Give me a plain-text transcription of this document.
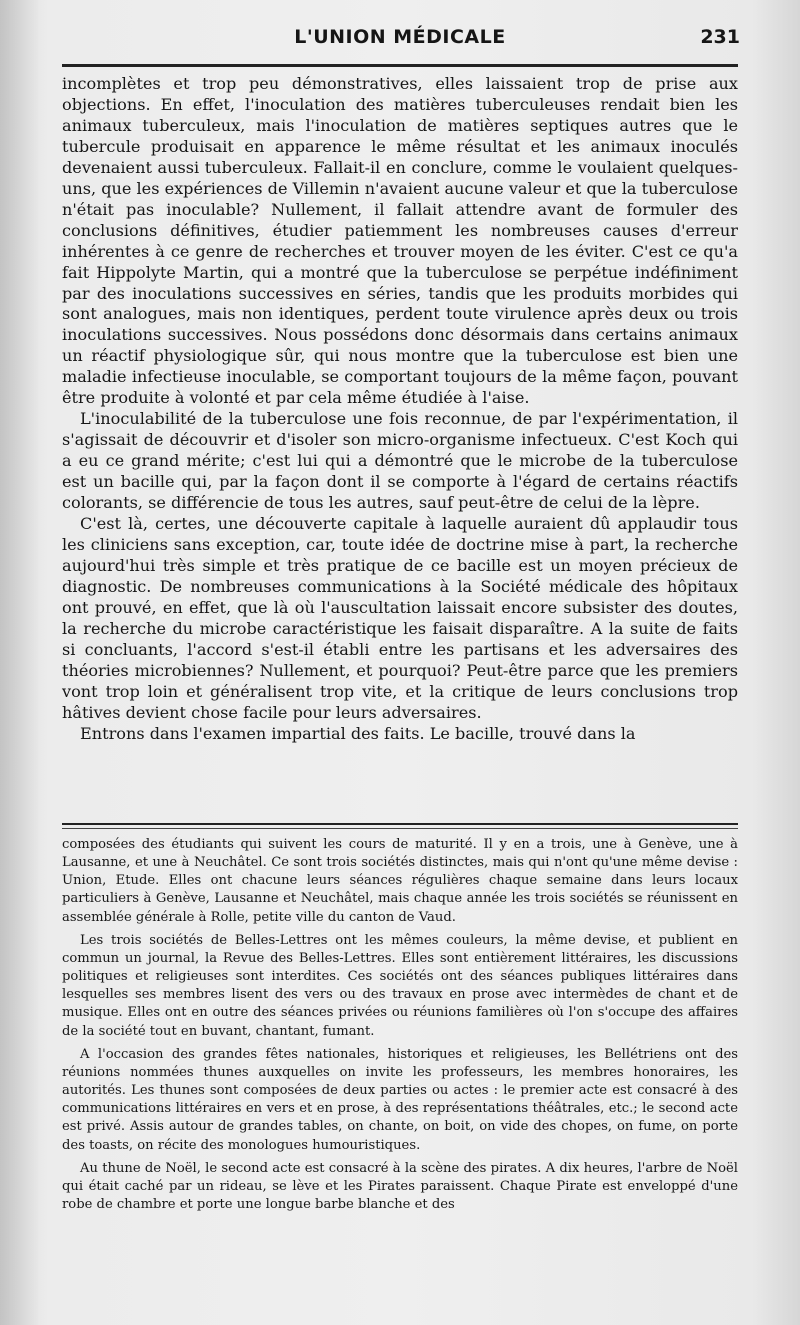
L'UNION MÉDICALE	231

incomplètes et trop peu démonstratives, elles laissaient trop de prise aux objections. En effet, l'inoculation des matières tuberculeuses rendait bien les animaux tuberculeux, mais l'inoculation de matières septiques autres que le tubercule produisait en apparence le même résultat et les animaux inoculés devenaient aussi tuberculeux. Fallait-il en conclure, comme le voulaient quelques-uns, que les expériences de Villemin n'avaient aucune valeur et que la tuberculose n'était pas inoculable? Nullement, il fallait attendre avant de formuler des conclusions définitives, étudier patiemment les nombreuses causes d'erreur inhérentes à ce genre de recherches et trouver moyen de les éviter. C'est ce qu'a fait Hippolyte Martin, qui a montré que la tuberculose se perpétue indéfiniment par des inoculations successives en séries, tandis que les produits morbides qui sont analogues, mais non identiques, perdent toute virulence après deux ou trois inoculations successives. Nous possédons donc désormais dans certains animaux un réactif physiologique sûr, qui nous montre que la tuberculose est bien une maladie infectieuse inoculable, se comportant toujours de la même façon, pouvant être produite à volonté et par cela même étudiée à l'aise.

L'inoculabilité de la tuberculose une fois reconnue, de par l'expérimentation, il s'agissait de découvrir et d'isoler son micro-organisme infectueux. C'est Koch qui a eu ce grand mérite; c'est lui qui a démontré que le microbe de la tuberculose est un bacille qui, par la façon dont il se comporte à l'égard de certains réactifs colorants, se différencie de tous les autres, sauf peut-être de celui de la lèpre.

C'est là, certes, une découverte capitale à laquelle auraient dû applaudir tous les cliniciens sans exception, car, toute idée de doctrine mise à part, la recherche aujourd'hui très simple et très pratique de ce bacille est un moyen précieux de diagnostic. De nombreuses communications à la Société médicale des hôpitaux ont prouvé, en effet, que là où l'auscultation laissait encore subsister des doutes, la recherche du microbe caractéristique les faisait disparaître. A la suite de faits si concluants, l'accord s'est-il établi entre les partisans et les adversaires des théories microbiennes? Nullement, et pourquoi? Peut-être parce que les premiers vont trop loin et généralisent trop vite, et la critique de leurs conclusions trop hâtives devient chose facile pour leurs adversaires.

Entrons dans l'examen impartial des faits. Le bacille, trouvé dans la

composées des étudiants qui suivent les cours de maturité. Il y en a trois, une à Genève, une à Lausanne, et une à Neuchâtel. Ce sont trois sociétés distinctes, mais qui n'ont qu'une même devise : Union, Etude. Elles ont chacune leurs séances régulières chaque semaine dans leurs locaux particuliers à Genève, Lausanne et Neuchâtel, mais chaque année les trois sociétés se réunissent en assemblée générale à Rolle, petite ville du canton de Vaud.

Les trois sociétés de Belles-Lettres ont les mêmes couleurs, la même devise, et publient en commun un journal, la Revue des Belles-Lettres. Elles sont entièrement littéraires, les discussions politiques et religieuses sont interdites. Ces sociétés ont des séances publiques littéraires dans lesquelles ses membres lisent des vers ou des travaux en prose avec intermèdes de chant et de musique. Elles ont en outre des séances privées ou réunions familières où l'on s'occupe des affaires de la société tout en buvant, chantant, fumant.

A l'occasion des grandes fêtes nationales, historiques et religieuses, les Bellétriens ont des réunions nommées thunes auxquelles on invite les professeurs, les membres honoraires, les autorités. Les thunes sont composées de deux parties ou actes : le premier acte est consacré à des communications littéraires en vers et en prose, à des représentations théâtrales, etc.; le second acte est privé. Assis autour de grandes tables, on chante, on boit, on vide des chopes, on fume, on porte des toasts, on récite des monologues humouristiques.

Au thune de Noël, le second acte est consacré à la scène des pirates. A dix heures, l'arbre de Noël qui était caché par un rideau, se lève et les Pirates paraissent. Chaque Pirate est enveloppé d'une robe de chambre et porte une longue barbe blanche et des
